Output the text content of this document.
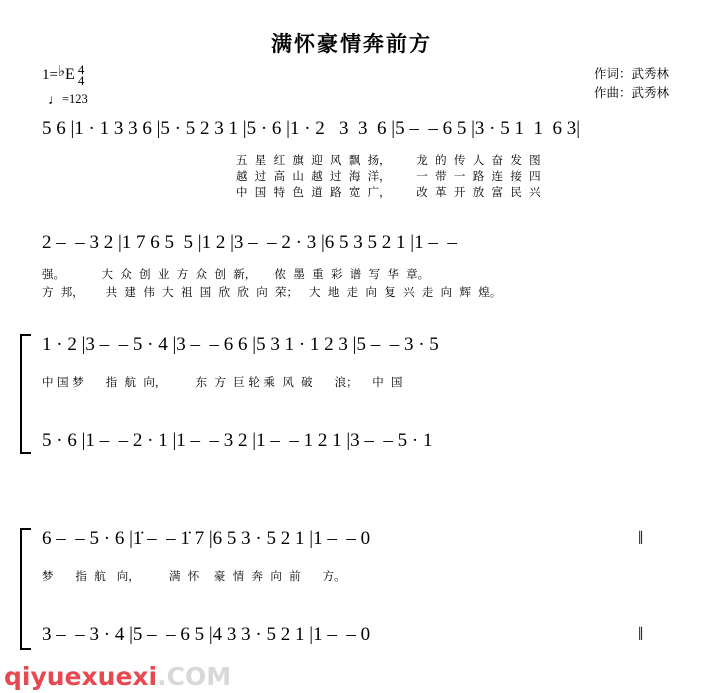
满怀豪情奔前方
作词：武秀林
作曲：武秀林
1=♭E 4
4
♩=123
5 6 |1 · 1 3 3 6 |5 · 5 2 3 1 |5 · 6 |1 · 2   3  3  6 |5 –  – 6 5 |3 · 5 1  1  6 3|
五  星  红  旗  迎  风  飘  扬，       龙  的  传  人  奋  发  图
越  过  高  山  越  过  海  洋，       一  带  一  路  连  接  四
中  国  特  色  道  路  宽  广，       改  革  开  放  富  民  兴
2 –  – 3 2 |1 7 6 5  5 |1 2 |3 –  – 2 · 3 |6 5 3 5 2 1 |1 –  –
强。          大  众  创  业  方  众  创  新，     侬  墨  重  彩  谱  写  华  章。
方  邦，      共  建  伟  大  祖  国  欣  欣  向  荣；   大  地  走  向  复  兴  走  向  辉  煌。
1 · 2 |3 –  – 5 · 4 |3 –  – 6 6 |5 3 1 · 1 2 3 |5 –  – 3 · 5
中 国 梦      指  航  向，        东  方  巨 轮 乘  风  破      浪；    中  国
5 · 6 |1 –  – 2 · 1 |1 –  – 3 2 |1 –  – 1 2 1 |3 –  – 5 · 1
6 –  – 5 · 6 |1̇ –  – 1̇ 7 |6 5 3 · 5 2 1 |1 –  – 0	‖
梦      指  航   向，        满  怀    豪  情  奔  向  前      方。
3 –  – 3 · 4 |5 –  – 6 5 |4 3 3 · 5 2 1 |1 –  – 0	‖
qiyuexuexi.COM
